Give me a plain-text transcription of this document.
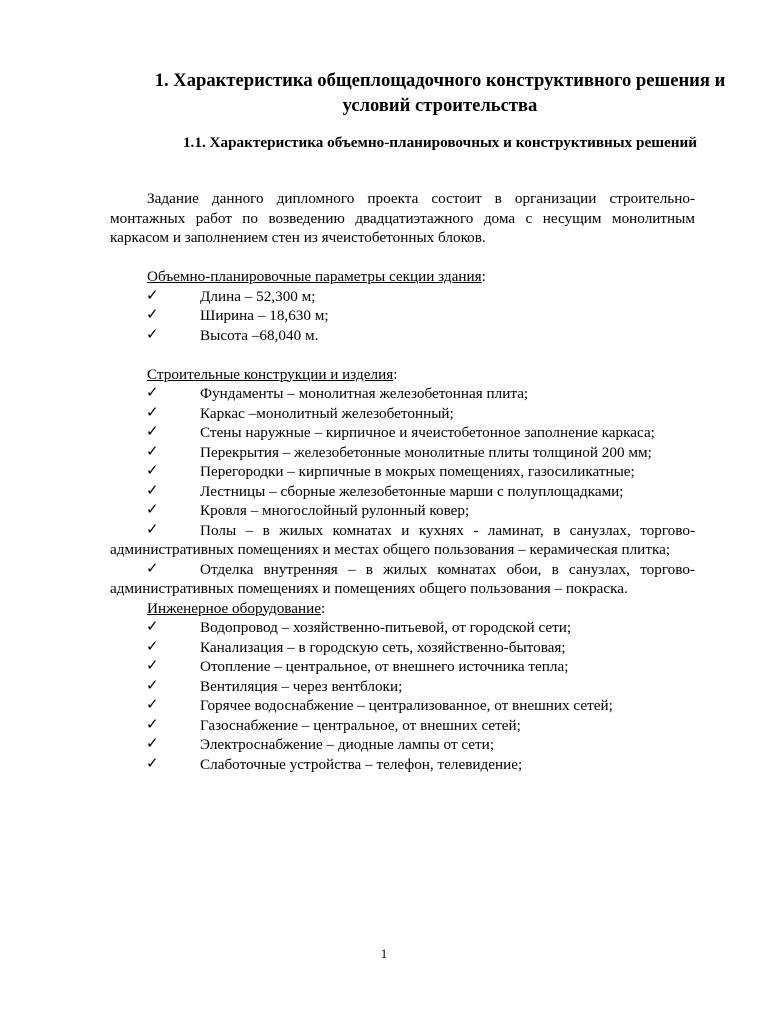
1. Характеристика общеплощадочного конструктивного решения и условий строительства
1.1. Характеристика объемно-планировочных и конструктивных решений

Задание данного дипломного проекта состоит в организации строительно-монтажных работ по возведению двадцатиэтажного дома с несущим монолитным каркасом и заполнением стен из ячеистобетонных блоков.

Объемно-планировочные параметры секции здания:

✓	Длина – 52,300 м;

✓	Ширина – 18,630 м;

✓	Высота –68,040 м.

Строительные конструкции и изделия:

✓	Фундаменты – монолитная железобетонная плита;

✓	Каркас –монолитный железобетонный;

✓	Стены наружные – кирпичное и ячеистобетонное заполнение каркаса;

✓	Перекрытия – железобетонные монолитные плиты толщиной 200 мм;

✓	Перегородки – кирпичные в мокрых помещениях, газосиликатные;

✓	Лестницы – сборные железобетонные марши с полуплощадками;

✓	Кровля – многослойный рулонный ковер;

✓	Полы – в жилых комнатах и кухнях - ламинат, в санузлах, торгово-административных помещениях и местах общего пользования – керамическая плитка;

✓	Отделка внутренняя – в жилых комнатах обои, в санузлах, торгово-административных помещениях и помещениях общего пользования – покраска.

Инженерное оборудование:

✓	Водопровод – хозяйственно-питьевой, от городской сети;

✓	Канализация – в городскую сеть, хозяйственно-бытовая;

✓	Отопление – центральное, от внешнего источника тепла;

✓	Вентиляция – через вентблоки;

✓	Горячее водоснабжение – централизованное, от внешних сетей;

✓	Газоснабжение – центральное, от внешних сетей;

✓	Электроснабжение – диодные лампы от сети;

✓	Слаботочные устройства – телефон, телевидение;

1
